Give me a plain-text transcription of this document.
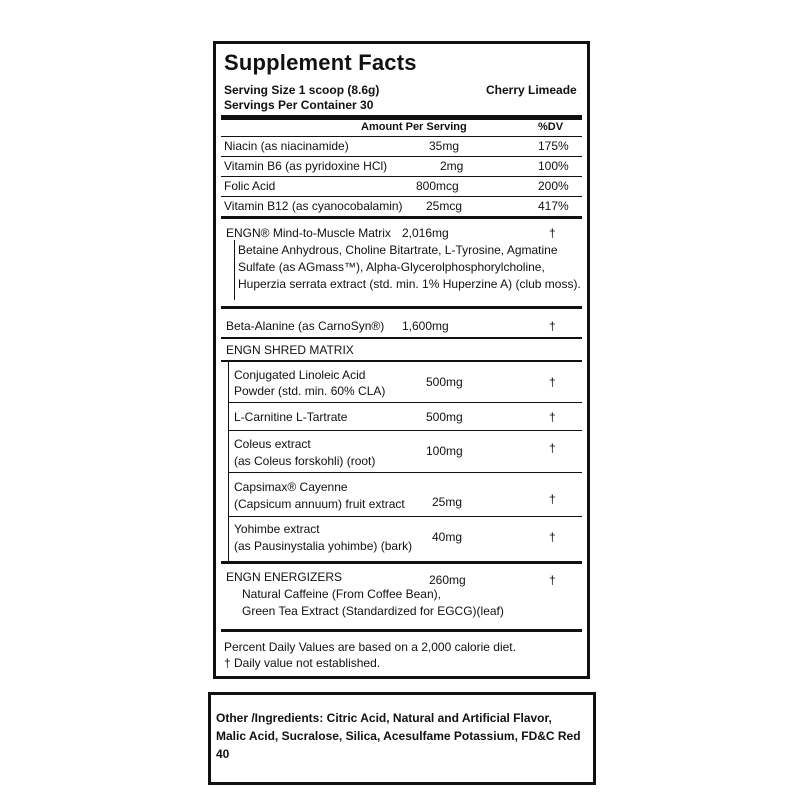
Supplement Facts
Serving Size 1 scoop (8.6g)	Cherry Limeade
Servings Per Container 30
Amount Per Serving	%DV
Niacin (as niacinamide)	35mg	175%
Vitamin B6 (as pyridoxine HCl)	2mg	100%
Folic Acid	800mcg	200%
Vitamin B12 (as cyanocobalamin) 25mcg	417%
ENGN® Mind-to-Muscle Matrix 2,016mg	†
Betaine Anhydrous, Choline Bitartrate, L-Tyrosine, Agmatine
Sulfate (as AGmass™), Alpha-Glycerolphosphorylcholine,
Huperzia serrata extract (std. min. 1% Huperzine A) (club moss).
Beta-Alanine (as CarnoSyn®) 1,600mg	†
ENGN SHRED MATRIX
Conjugated Linoleic Acid
Powder (std. min. 60% CLA)
500mg	†
L-Carnitine L-Tartrate	500mg	†
Coleus extract
(as Coleus forskohli) (root)
100mg	†
Capsimax® Cayenne
(Capsicum annuum) fruit extract 25mg	†
Yohimbe extract
(as Pausinystalia yohimbe) (bark)
40mg	†
ENGN ENERGIZERS	260mg	†
Natural Caffeine (From Coffee Bean),
Green Tea Extract (Standardized for EGCG)(leaf)
Percent Daily Values are based on a 2,000 calorie diet.
† Daily value not established.
Other /Ingredients: Citric Acid, Natural and Artificial Flavor,
Malic Acid, Sucralose, Silica, Acesulfame Potassium, FD&C Red 40
